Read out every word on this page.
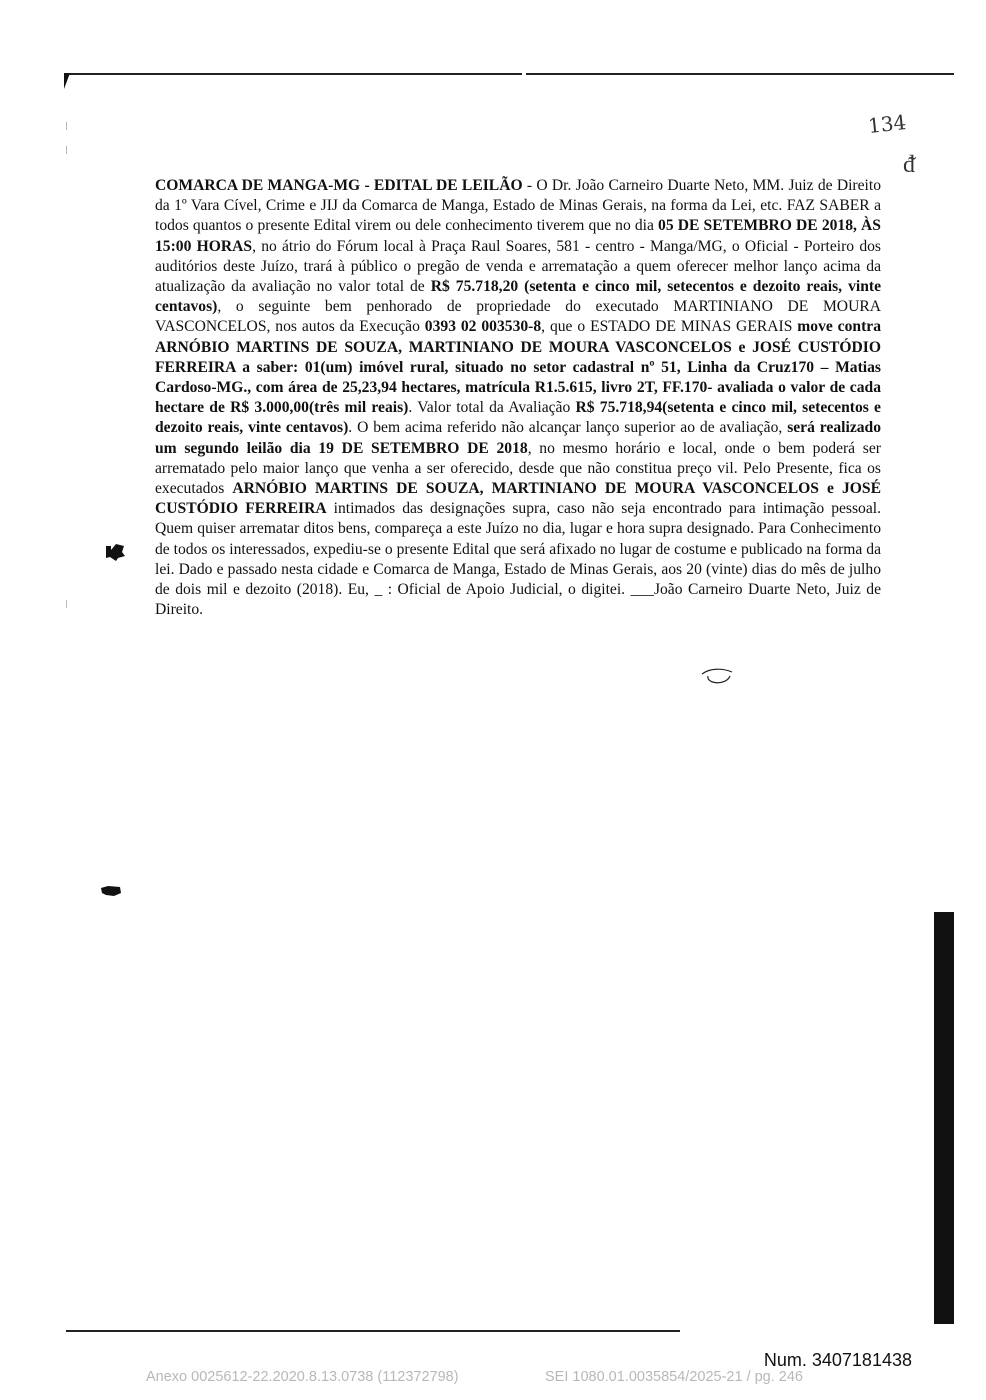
134
ᵭ
COMARCA DE MANGA-MG - EDITAL DE LEILÃO - O Dr. João Carneiro Duarte Neto, MM. Juiz de Direito da 1º Vara Cível, Crime e JIJ da Comarca de Manga, Estado de Minas Gerais, na forma da Lei, etc. FAZ SABER a todos quantos o presente Edital virem ou dele conhecimento tiverem que no dia 05 DE SETEMBRO DE 2018, ÀS 15:00 HORAS, no átrio do Fórum local à Praça Raul Soares, 581 - centro - Manga/MG, o Oficial - Porteiro dos auditórios deste Juízo, trará à público o pregão de venda e arrematação a quem oferecer melhor lanço acima da atualização da avaliação no valor total de R$ 75.718,20 (setenta e cinco mil, setecentos e dezoito reais, vinte centavos), o seguinte bem penhorado de propriedade do executado MARTINIANO DE MOURA VASCONCELOS, nos autos da Execução 0393 02 003530-8, que o ESTADO DE MINAS GERAIS move contra ARNÓBIO MARTINS DE SOUZA, MARTINIANO DE MOURA VASCONCELOS e JOSÉ CUSTÓDIO FERREIRA a saber: 01(um) imóvel rural, situado no setor cadastral nº 51, Linha da Cruz170 – Matias Cardoso-MG., com área de 25,23,94 hectares, matrícula R1.5.615, livro 2T, FF.170- avaliada o valor de cada hectare de R$ 3.000,00(três mil reais). Valor total da Avaliação R$ 75.718,94(setenta e cinco mil, setecentos e dezoito reais, vinte centavos). O bem acima referido não alcançar lanço superior ao de avaliação, será realizado um segundo leilão dia 19 DE SETEMBRO DE 2018, no mesmo horário e local, onde o bem poderá ser arrematado pelo maior lanço que venha a ser oferecido, desde que não constitua preço vil. Pelo Presente, fica os executados ARNÓBIO MARTINS DE SOUZA, MARTINIANO DE MOURA VASCONCELOS e JOSÉ CUSTÓDIO FERREIRA intimados das designações supra, caso não seja encontrado para intimação pessoal. Quem quiser arrematar ditos bens, compareça a este Juízo no dia, lugar e hora supra designado. Para Conhecimento de todos os interessados, expediu-se o presente Edital que será afixado no lugar de costume e publicado na forma da lei. Dado e passado nesta cidade e Comarca de Manga, Estado de Minas Gerais, aos 20 (vinte) dias do mês de julho de dois mil e dezoito (2018). Eu, _ : Oficial de Apoio Judicial, o digitei. ___João Carneiro Duarte Neto, Juiz de Direito.
Num. 3407181438
Anexo 0025612-22.2020.8.13.0738 (112372798)	SEI 1080.01.0035854/2025-21 / pg. 246
